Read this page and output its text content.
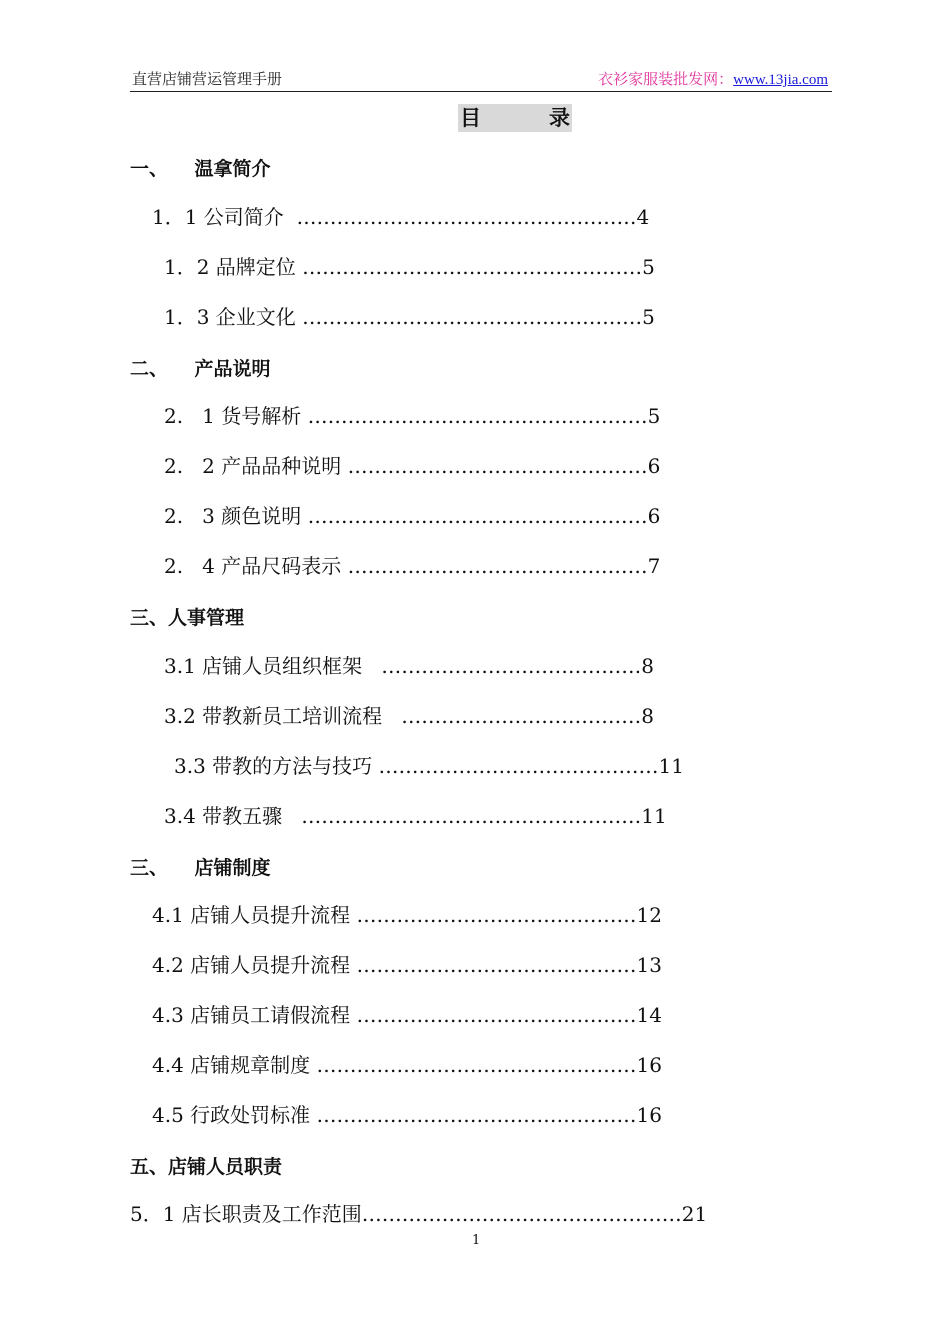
直营店铺营运管理手册	衣衫家服装批发网：www.13jia.com
目	录
一、    温拿简介
1．1 公司简介  ……………………………………………4
1．2 品牌定位 ……………………………………………5
1．3 企业文化 ……………………………………………5
二、    产品说明
2.   1 货号解析 ……………………………………………5
2.   2 产品品种说明 ………………………………………6
2.   3 颜色说明 ……………………………………………6
2.   4 产品尺码表示 ………………………………………7
三、人事管理
3.1 店铺人员组织框架   …………………………………8
3.2 带教新员工培训流程   ………………………………8
3.3 带教的方法与技巧 ……………………………………11
3.4 带教五骤   ……………………………………………11
三、    店铺制度
4.1 店铺人员提升流程 ……………………………………12
4.2 店铺人员提升流程 ……………………………………13
4.3 店铺员工请假流程 ……………………………………14
4.4 店铺规章制度 …………………………………………16
4.5 行政处罚标准 …………………………………………16
五、店铺人员职责
5．1 店长职责及工作范围…………………………………………21
1
